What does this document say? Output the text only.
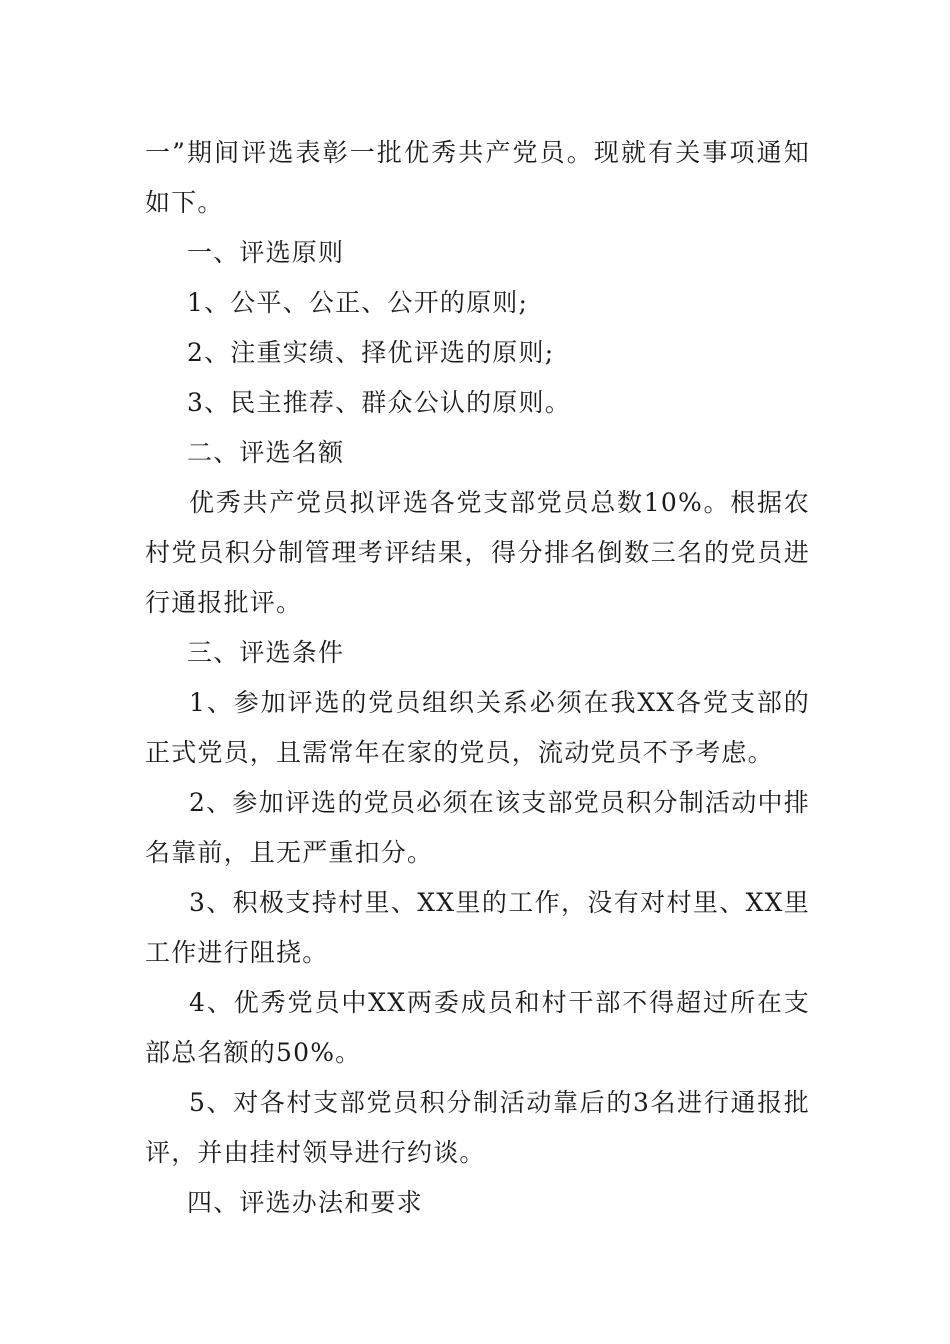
一”期间评选表彰一批优秀共产党员。现就有关事项通知如下。

一、评选原则

1、公平、公正、公开的原则;

2、注重实绩、择优评选的原则;

3、民主推荐、群众公认的原则。

二、评选名额

优秀共产党员拟评选各党支部党员总数10%。根据农村党员积分制管理考评结果，得分排名倒数三名的党员进行通报批评。

三、评选条件

1、参加评选的党员组织关系必须在我XX各党支部的正式党员，且需常年在家的党员，流动党员不予考虑。

2、参加评选的党员必须在该支部党员积分制活动中排名靠前，且无严重扣分。

3、积极支持村里、XX里的工作，没有对村里、XX里工作进行阻挠。

4、优秀党员中XX两委成员和村干部不得超过所在支部总名额的50%。

5、对各村支部党员积分制活动靠后的3名进行通报批评，并由挂村领导进行约谈。

四、评选办法和要求
